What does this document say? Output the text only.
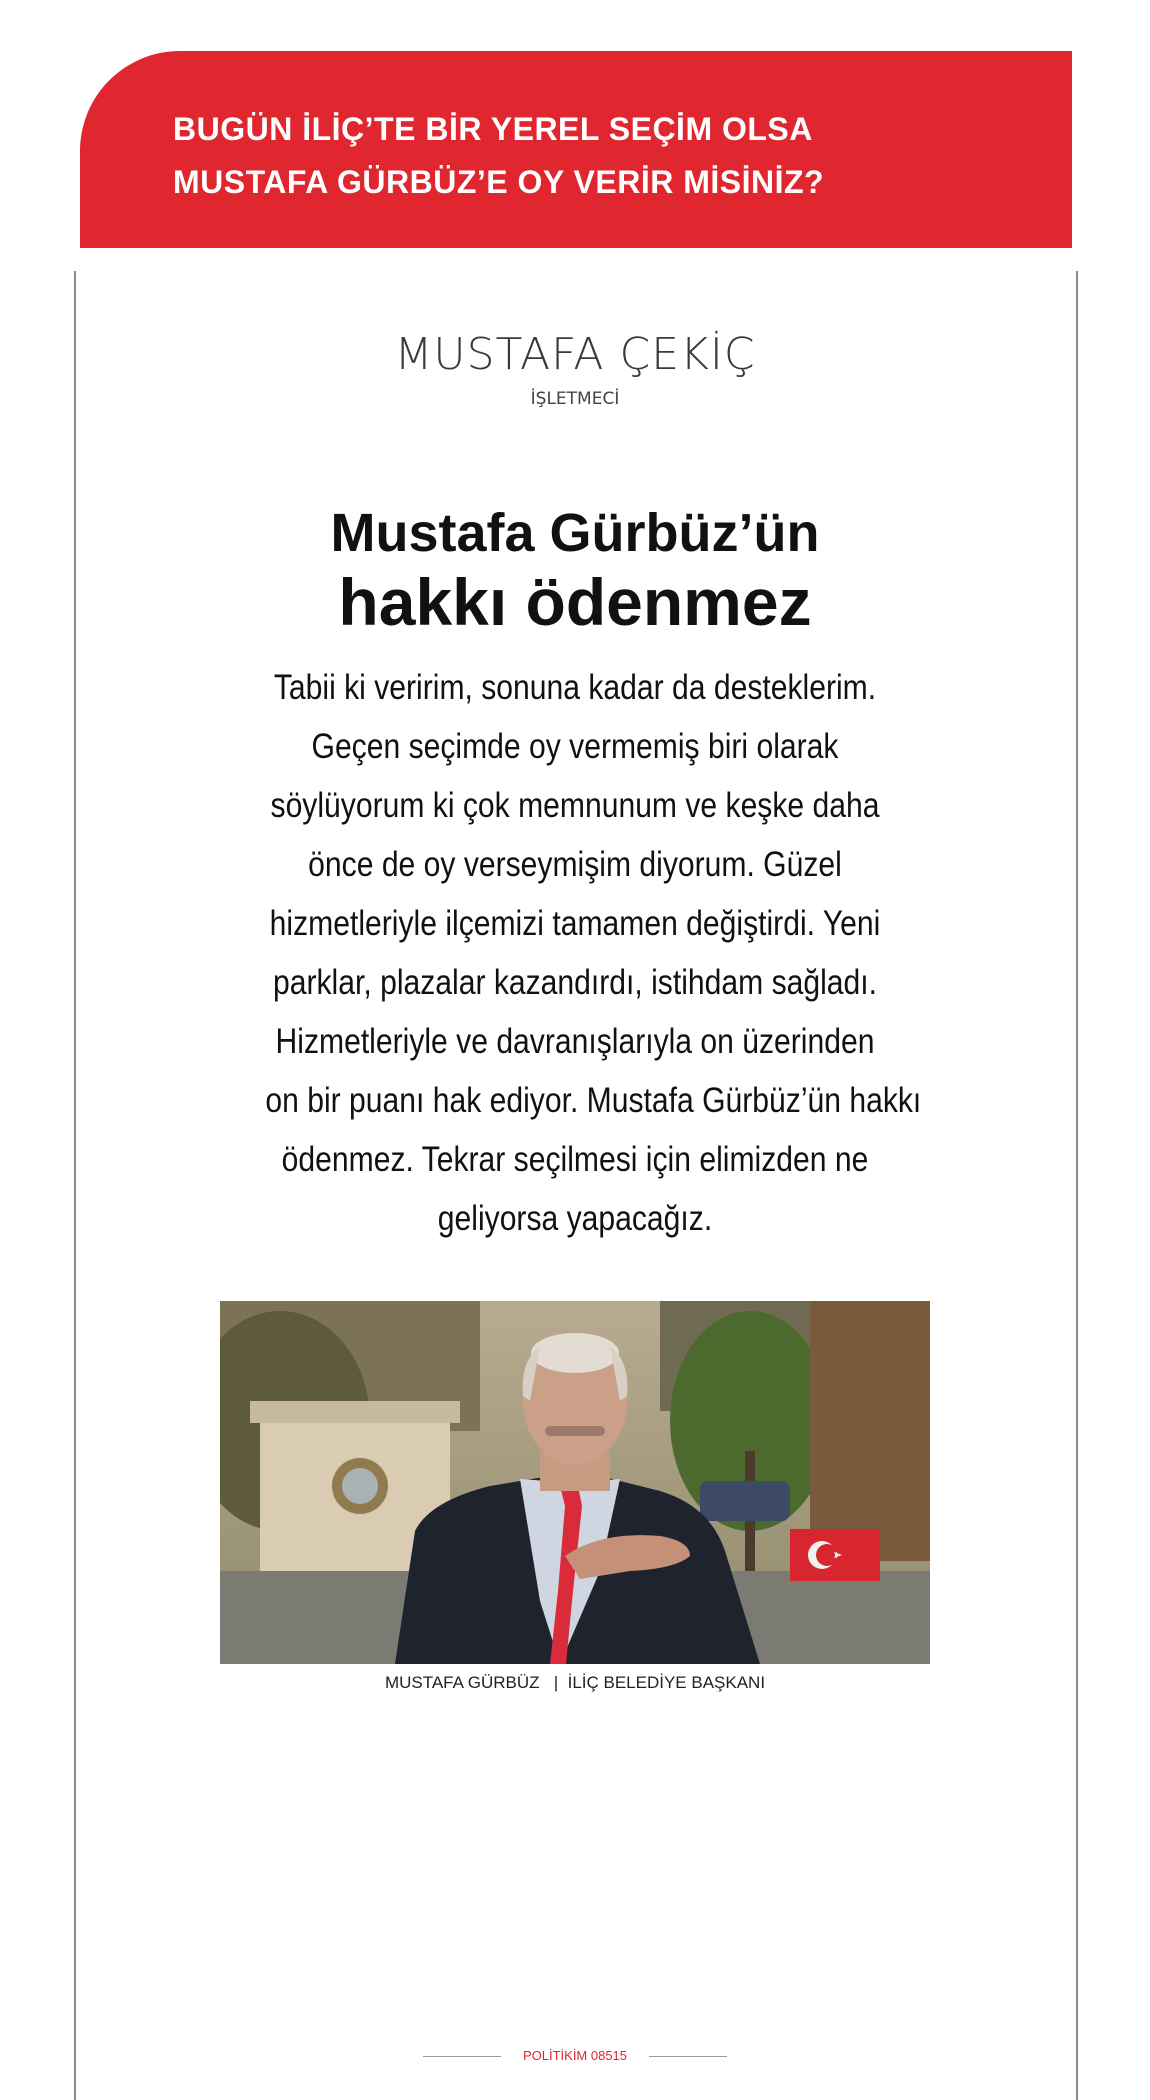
BUGÜN İLİÇ’TE BİR YEREL SEÇİM OLSA
MUSTAFA GÜRBÜZ’E OY VERİR MİSİNİZ?

MUSTAFA ÇEKİÇ
İŞLETMECİ
Mustafa Gürbüz’ün
hakkı ödenmez

Tabii ki veririm, sonuna kadar da desteklerim.
Geçen seçimde oy vermemiş biri olarak
söylüyorum ki çok memnunum ve keşke daha
önce de oy verseymişim diyorum. Güzel
hizmetleriyle ilçemizi tamamen değiştirdi. Yeni
parklar, plazalar kazandırdı, istihdam sağladı.
Hizmetleriyle ve davranışlarıyla on üzerinden
on bir puanı hak ediyor. Mustafa Gürbüz’ün hakkı
ödenmez. Tekrar seçilmesi için elimizden ne
geliyorsa yapacağız.

MUSTAFA GÜRBÜZ   |  İLİÇ BELEDİYE BAŞKANI
POLİTİKİM 08515
